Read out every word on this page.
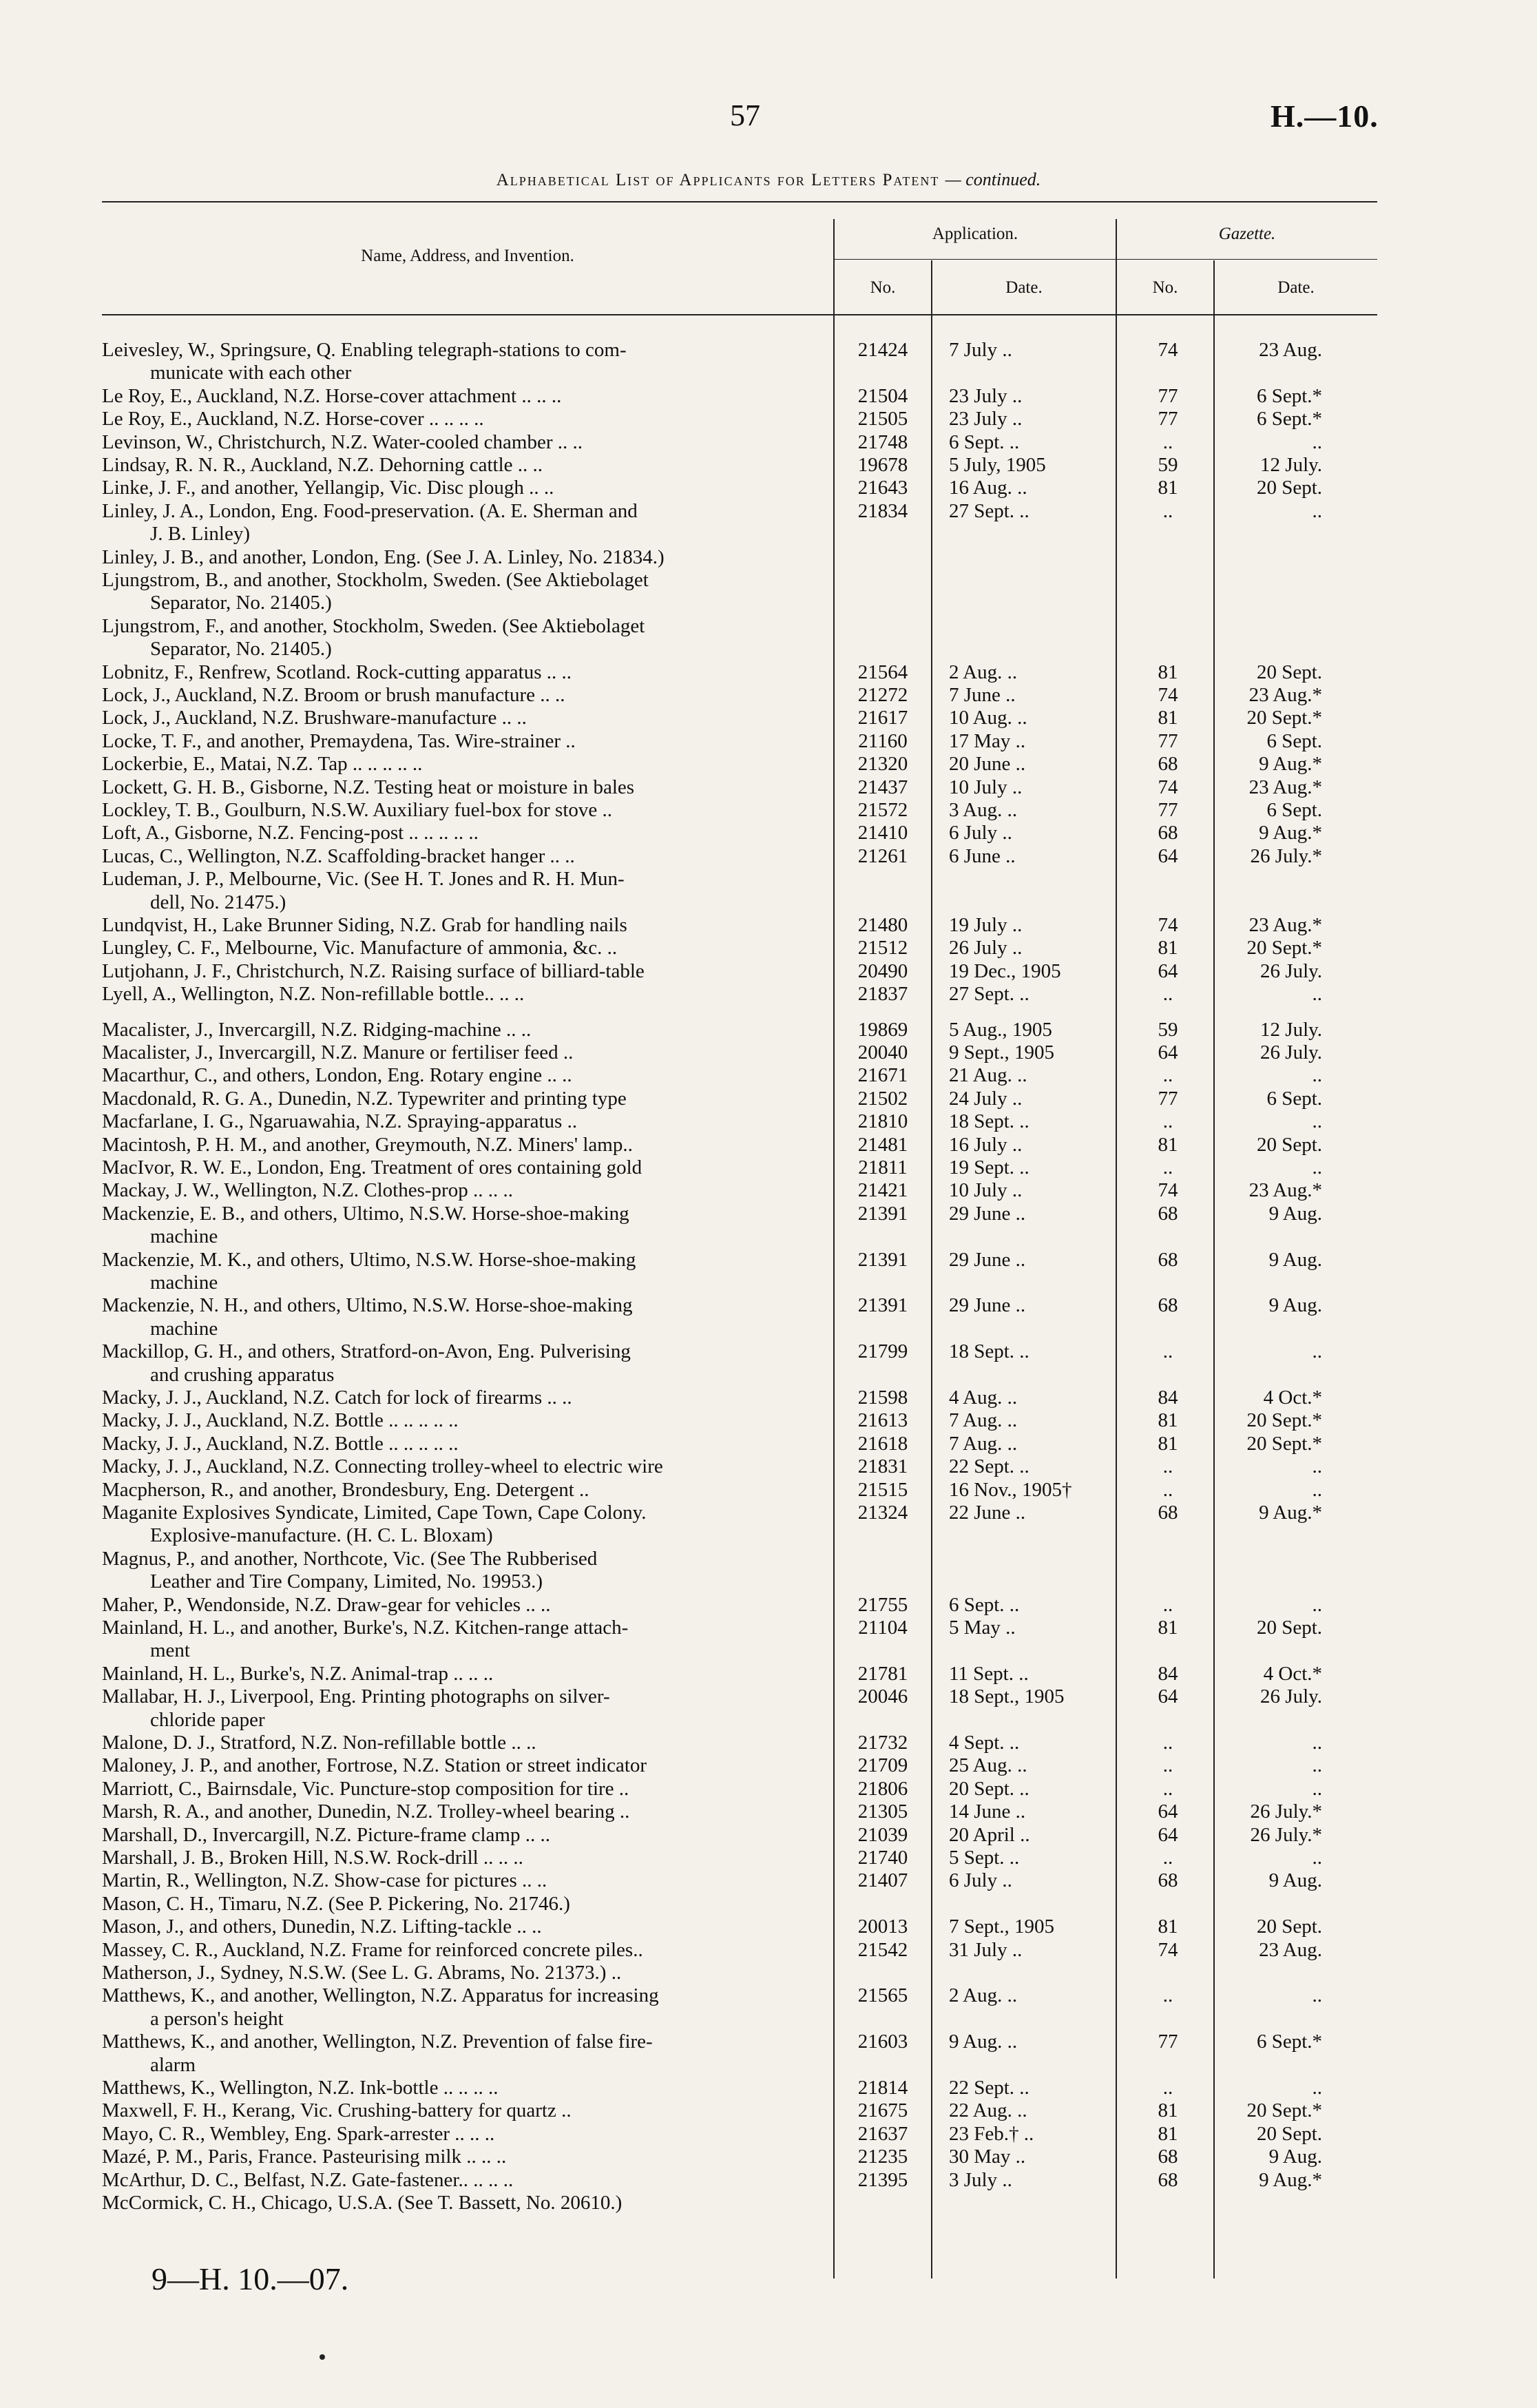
57	H.—10.
Alphabetical List of Applicants for Letters Patent — continued.
Name, Address, and Invention.
Application.	Gazette.
No.	Date.	No.	Date.
Leivesley, W., Springsure, Q. Enabling telegraph-stations to com-
municate with each other
21424	7 July ..	74	23 Aug.
Le Roy, E., Auckland, N.Z. Horse-cover attachment .. .. ..	21504	23 July ..	77	6 Sept.*
Le Roy, E., Auckland, N.Z. Horse-cover .. .. .. ..	21505	23 July ..	77	6 Sept.*
Levinson, W., Christchurch, N.Z. Water-cooled chamber .. ..	21748	6 Sept. ..	..	..
Lindsay, R. N. R., Auckland, N.Z. Dehorning cattle .. ..	19678	5 July, 1905	59	12 July.
Linke, J. F., and another, Yellangip, Vic. Disc plough .. ..	21643	16 Aug. ..	81	20 Sept.
Linley, J. A., London, Eng. Food-preservation. (A. E. Sherman and
J. B. Linley)
21834	27 Sept. ..	..	..
Linley, J. B., and another, London, Eng. (See J. A. Linley, No. 21834.)
Ljungstrom, B., and another, Stockholm, Sweden. (See Aktiebolaget
Separator, No. 21405.)
Ljungstrom, F., and another, Stockholm, Sweden. (See Aktiebolaget
Separator, No. 21405.)
Lobnitz, F., Renfrew, Scotland. Rock-cutting apparatus .. ..	21564	2 Aug. ..	81	20 Sept.
Lock, J., Auckland, N.Z. Broom or brush manufacture .. ..	21272	7 June ..	74	23 Aug.*
Lock, J., Auckland, N.Z. Brushware-manufacture .. ..	21617	10 Aug. ..	81	20 Sept.*
Locke, T. F., and another, Premaydena, Tas. Wire-strainer ..	21160	17 May ..	77	6 Sept.
Lockerbie, E., Matai, N.Z. Tap .. .. .. .. ..	21320	20 June ..	68	9 Aug.*
Lockett, G. H. B., Gisborne, N.Z. Testing heat or moisture in bales	21437	10 July ..	74	23 Aug.*
Lockley, T. B., Goulburn, N.S.W. Auxiliary fuel-box for stove ..	21572	3 Aug. ..	77	6 Sept.
Loft, A., Gisborne, N.Z. Fencing-post .. .. .. .. ..	21410	6 July ..	68	9 Aug.*
Lucas, C., Wellington, N.Z. Scaffolding-bracket hanger .. ..	21261	6 June ..	64	26 July.*
Ludeman, J. P., Melbourne, Vic. (See H. T. Jones and R. H. Mun-
dell, No. 21475.)
Lundqvist, H., Lake Brunner Siding, N.Z. Grab for handling nails	21480	19 July ..	74	23 Aug.*
Lungley, C. F., Melbourne, Vic. Manufacture of ammonia, &c. ..	21512	26 July ..	81	20 Sept.*
Lutjohann, J. F., Christchurch, N.Z. Raising surface of billiard-table	20490	19 Dec., 1905	64	26 July.
Lyell, A., Wellington, N.Z. Non-refillable bottle.. .. ..	21837	27 Sept. ..	..	..
Macalister, J., Invercargill, N.Z. Ridging-machine .. ..	19869	5 Aug., 1905	59	12 July.
Macalister, J., Invercargill, N.Z. Manure or fertiliser feed ..	20040	9 Sept., 1905	64	26 July.
Macarthur, C., and others, London, Eng. Rotary engine .. ..	21671	21 Aug. ..	..	..
Macdonald, R. G. A., Dunedin, N.Z. Typewriter and printing type	21502	24 July ..	77	6 Sept.
Macfarlane, I. G., Ngaruawahia, N.Z. Spraying-apparatus ..	21810	18 Sept. ..	..	..
Macintosh, P. H. M., and another, Greymouth, N.Z. Miners' lamp..	21481	16 July ..	81	20 Sept.
MacIvor, R. W. E., London, Eng. Treatment of ores containing gold	21811	19 Sept. ..	..	..
Mackay, J. W., Wellington, N.Z. Clothes-prop .. .. ..	21421	10 July ..	74	23 Aug.*
Mackenzie, E. B., and others, Ultimo, N.S.W. Horse-shoe-making
machine
21391	29 June ..	68	9 Aug.
Mackenzie, M. K., and others, Ultimo, N.S.W. Horse-shoe-making
machine
21391	29 June ..	68	9 Aug.
Mackenzie, N. H., and others, Ultimo, N.S.W. Horse-shoe-making
machine
21391	29 June ..	68	9 Aug.
Mackillop, G. H., and others, Stratford-on-Avon, Eng. Pulverising
and crushing apparatus
21799	18 Sept. ..	..	..
Macky, J. J., Auckland, N.Z. Catch for lock of firearms .. ..	21598	4 Aug. ..	84	4 Oct.*
Macky, J. J., Auckland, N.Z. Bottle .. .. .. .. ..	21613	7 Aug. ..	81	20 Sept.*
Macky, J. J., Auckland, N.Z. Bottle .. .. .. .. ..	21618	7 Aug. ..	81	20 Sept.*
Macky, J. J., Auckland, N.Z. Connecting trolley-wheel to electric wire	21831	22 Sept. ..	..	..
Macpherson, R., and another, Brondesbury, Eng. Detergent ..	21515	16 Nov., 1905†	..	..
Maganite Explosives Syndicate, Limited, Cape Town, Cape Colony.
Explosive-manufacture. (H. C. L. Bloxam)
21324	22 June ..	68	9 Aug.*
Magnus, P., and another, Northcote, Vic. (See The Rubberised
Leather and Tire Company, Limited, No. 19953.)
Maher, P., Wendonside, N.Z. Draw-gear for vehicles .. ..	21755	6 Sept. ..	..	..
Mainland, H. L., and another, Burke's, N.Z. Kitchen-range attach-
ment
21104	5 May ..	81	20 Sept.
Mainland, H. L., Burke's, N.Z. Animal-trap .. .. ..	21781	11 Sept. ..	84	4 Oct.*
Mallabar, H. J., Liverpool, Eng. Printing photographs on silver-
chloride paper
20046	18 Sept., 1905	64	26 July.
Malone, D. J., Stratford, N.Z. Non-refillable bottle .. ..	21732	4 Sept. ..	..	..
Maloney, J. P., and another, Fortrose, N.Z. Station or street indicator	21709	25 Aug. ..	..	..
Marriott, C., Bairnsdale, Vic. Puncture-stop composition for tire ..	21806	20 Sept. ..	..	..
Marsh, R. A., and another, Dunedin, N.Z. Trolley-wheel bearing ..	21305	14 June ..	64	26 July.*
Marshall, D., Invercargill, N.Z. Picture-frame clamp .. ..	21039	20 April ..	64	26 July.*
Marshall, J. B., Broken Hill, N.S.W. Rock-drill .. .. ..	21740	5 Sept. ..	..	..
Martin, R., Wellington, N.Z. Show-case for pictures .. ..	21407	6 July ..	68	9 Aug.
Mason, C. H., Timaru, N.Z. (See P. Pickering, No. 21746.)
Mason, J., and others, Dunedin, N.Z. Lifting-tackle .. ..	20013	7 Sept., 1905	81	20 Sept.
Massey, C. R., Auckland, N.Z. Frame for reinforced concrete piles..	21542	31 July ..	74	23 Aug.
Matherson, J., Sydney, N.S.W. (See L. G. Abrams, No. 21373.) ..
Matthews, K., and another, Wellington, N.Z. Apparatus for increasing
a person's height
21565	2 Aug. ..	..	..
Matthews, K., and another, Wellington, N.Z. Prevention of false fire-
alarm
21603	9 Aug. ..	77	6 Sept.*
Matthews, K., Wellington, N.Z. Ink-bottle .. .. .. ..	21814	22 Sept. ..	..	..
Maxwell, F. H., Kerang, Vic. Crushing-battery for quartz ..	21675	22 Aug. ..	81	20 Sept.*
Mayo, C. R., Wembley, Eng. Spark-arrester .. .. ..	21637	23 Feb.† ..	81	20 Sept.
Mazé, P. M., Paris, France. Pasteurising milk .. .. ..	21235	30 May ..	68	9 Aug.
McArthur, D. C., Belfast, N.Z. Gate-fastener.. .. .. ..	21395	3 July ..	68	9 Aug.*
McCormick, C. H., Chicago, U.S.A. (See T. Bassett, No. 20610.)
9—H. 10.—07.
